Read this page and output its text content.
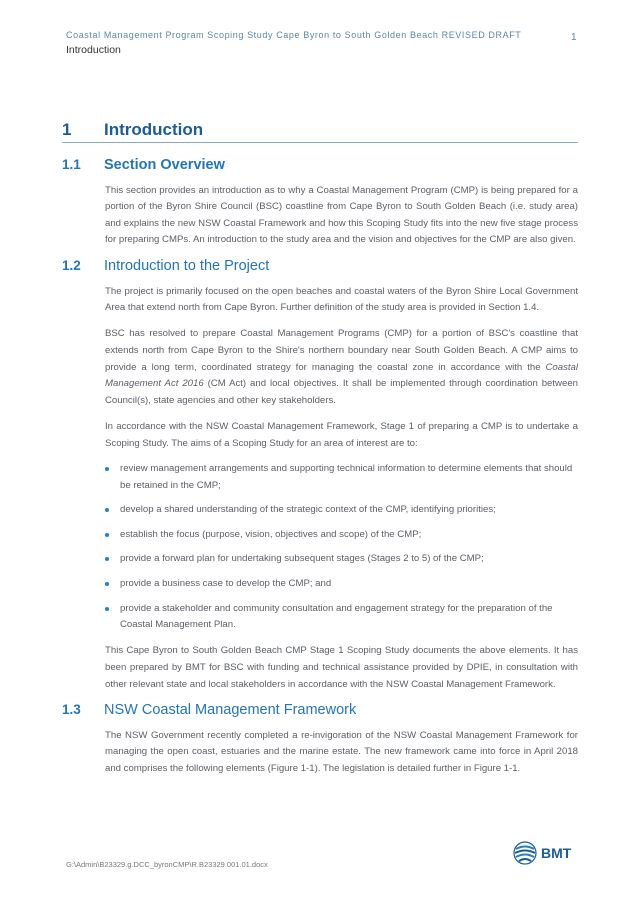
Coastal Management Program Scoping Study Cape Byron to South Golden Beach REVISED DRAFT
Introduction
1
1	Introduction
1.1	Section Overview

This section provides an introduction as to why a Coastal Management Program (CMP) is being prepared for a portion of the Byron Shire Council (BSC) coastline from Cape Byron to South Golden Beach (i.e. study area) and explains the new NSW Coastal Framework and how this Scoping Study fits into the new five stage process for preparing CMPs. An introduction to the study area and the vision and objectives for the CMP are also given.

1.2	Introduction to the Project

The project is primarily focused on the open beaches and coastal waters of the Byron Shire Local Government Area that extend north from Cape Byron. Further definition of the study area is provided in Section 1.4.

BSC has resolved to prepare Coastal Management Programs (CMP) for a portion of BSC's coastline that extends north from Cape Byron to the Shire's northern boundary near South Golden Beach. A CMP aims to provide a long term, coordinated strategy for managing the coastal zone in accordance with the Coastal Management Act 2016 (CM Act) and local objectives. It shall be implemented through coordination between Council(s), state agencies and other key stakeholders.

In accordance with the NSW Coastal Management Framework, Stage 1 of preparing a CMP is to undertake a Scoping Study. The aims of a Scoping Study for an area of interest are to:

review management arrangements and supporting technical information to determine elements that should be retained in the CMP;
develop a shared understanding of the strategic context of the CMP, identifying priorities;
establish the focus (purpose, vision, objectives and scope) of the CMP;
provide a forward plan for undertaking subsequent stages (Stages 2 to 5) of the CMP;
provide a business case to develop the CMP; and
provide a stakeholder and community consultation and engagement strategy for the preparation of the Coastal Management Plan.

This Cape Byron to South Golden Beach CMP Stage 1 Scoping Study documents the above elements. It has been prepared by BMT for BSC with funding and technical assistance provided by DPIE, in consultation with other relevant state and local stakeholders in accordance with the NSW Coastal Management Framework.

1.3	NSW Coastal Management Framework

The NSW Government recently completed a re-invigoration of the NSW Coastal Management Framework for managing the open coast, estuaries and the marine estate. The new framework came into force in April 2018 and comprises the following elements (Figure 1-1). The legislation is detailed further in Figure 1-1.

G:\Admin\B23329.g.DCC_byronCMP\R.B23329.001.01.docx
BMT
